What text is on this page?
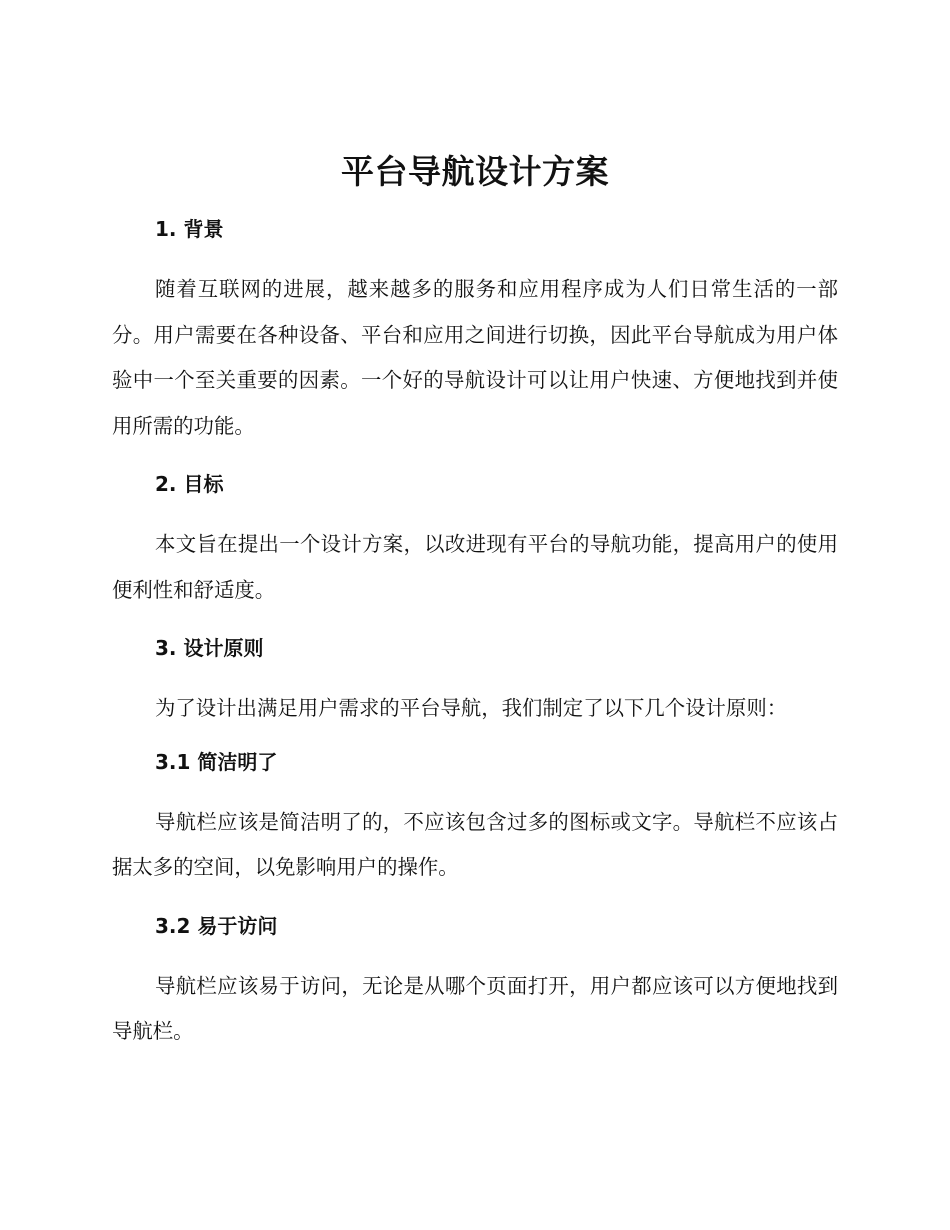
平台导航设计方案
1. 背景

随着互联网的进展，越来越多的服务和应用程序成为人们日常生活的一部分。用户需要在各种设备、平台和应用之间进行切换，因此平台导航成为用户体验中一个至关重要的因素。一个好的导航设计可以让用户快速、方便地找到并使用所需的功能。

2. 目标

本文旨在提出一个设计方案，以改进现有平台的导航功能，提高用户的使用便利性和舒适度。

3. 设计原则

为了设计出满足用户需求的平台导航，我们制定了以下几个设计原则：

3.1 简洁明了

导航栏应该是简洁明了的，不应该包含过多的图标或文字。导航栏不应该占据太多的空间，以免影响用户的操作。

3.2 易于访问

导航栏应该易于访问，无论是从哪个页面打开，用户都应该可以方便地找到导航栏。
